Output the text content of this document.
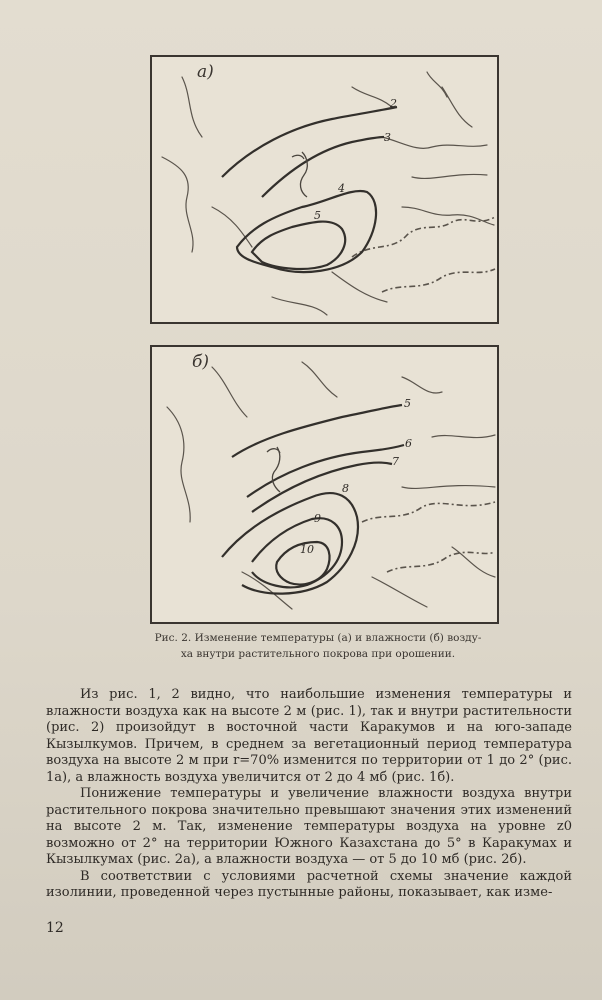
а)
2
3
4
5
б)
5
6
7
8
9
10
Рис. 2. Изменение температуры (а) и влажности (б) возду-
ха внутри растительного покрова при орошении.

Из рис. 1, 2 видно, что наибольшие изменения температуры и влажности воздуха как на высоте 2 м (рис. 1), так и внутри растительности (рис. 2) произойдут в восточной части Каракумов и на юго-западе Кызылкумов. Причем, в среднем за вегетационный период температура воздуха на высоте 2 м при r=70% изменится по территории от 1 до 2° (рис. 1а), а влажность воздуха увеличится от 2 до 4 мб (рис. 1б).

Понижение температуры и увеличение влажности воздуха внутри растительного покрова значительно превышают значения этих изменений на высоте 2 м. Так, изменение температуры воздуха на уровне z0 возможно от 2° на территории Южного Казахстана до 5° в Каракумах и Кызылкумах (рис. 2а), а влажности воздуха — от 5 до 10 мб (рис. 2б).

В соответствии с условиями расчетной схемы значение каждой изолинии, проведенной через пустынные районы, показывает, как изме-

12
